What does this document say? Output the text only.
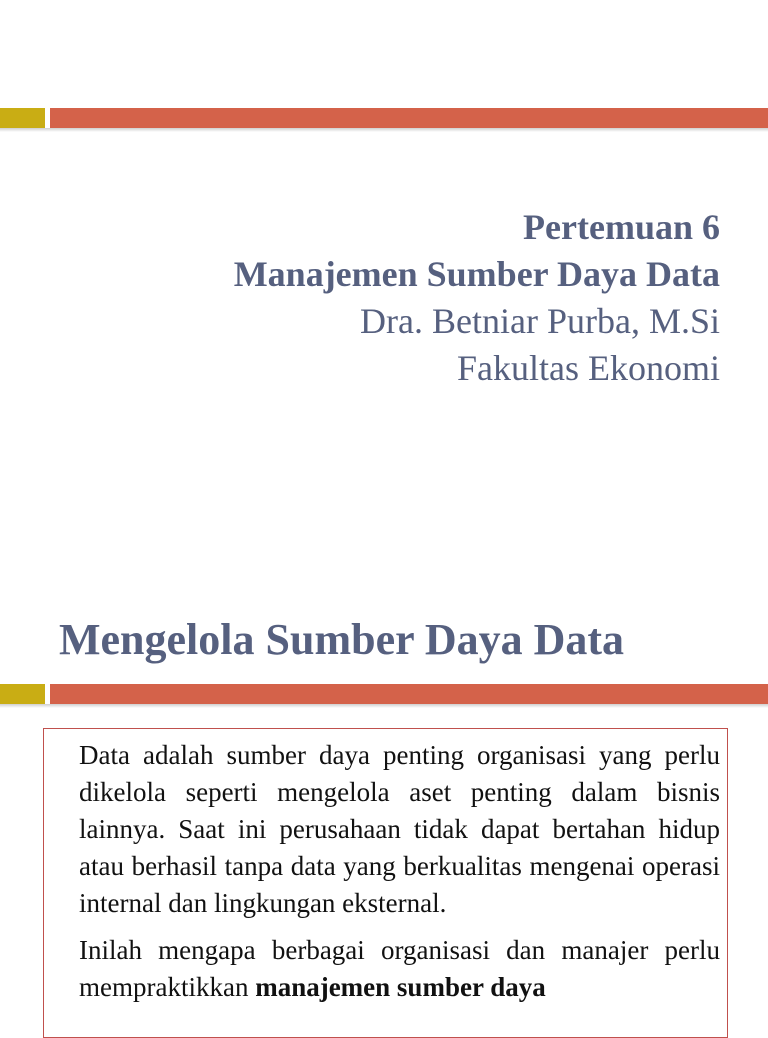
Pertemuan 6
Manajemen Sumber Daya Data
Dra. Betniar Purba, M.Si
Fakultas Ekonomi
Mengelola Sumber Daya Data

Data adalah sumber daya penting organisasi yang perlu dikelola seperti mengelola aset penting dalam bisnis lainnya. Saat ini perusahaan tidak dapat bertahan hidup atau berhasil tanpa data yang berkualitas mengenai operasi internal dan lingkungan eksternal.

Inilah mengapa berbagai organisasi dan manajer perlu mempraktikkan manajemen sumber daya
